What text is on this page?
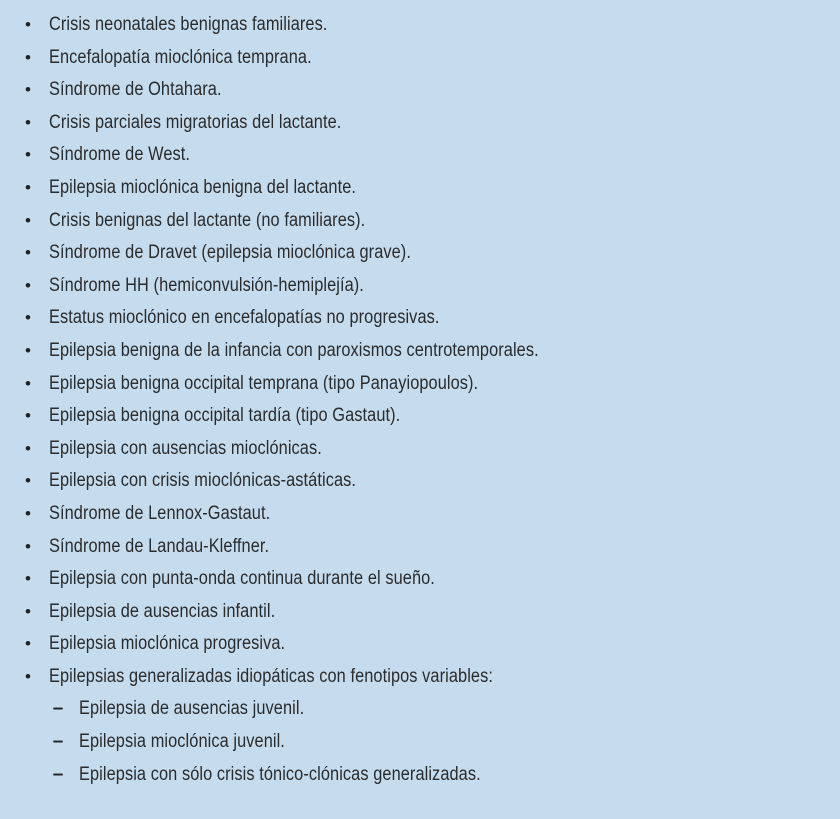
• Crisis neonatales benignas familiares.
• Encefalopatía mioclónica temprana.
• Síndrome de Ohtahara.
• Crisis parciales migratorias del lactante.
• Síndrome de West.
• Epilepsia mioclónica benigna del lactante.
• Crisis benignas del lactante (no familiares).
• Síndrome de Dravet (epilepsia mioclónica grave).
• Síndrome HH (hemiconvulsión-hemiplejía).
• Estatus mioclónico en encefalopatías no progresivas.
• Epilepsia benigna de la infancia con paroxismos centrotemporales.
• Epilepsia benigna occipital temprana (tipo Panayiopoulos).
• Epilepsia benigna occipital tardía (tipo Gastaut).
• Epilepsia con ausencias mioclónicas.
• Epilepsia con crisis mioclónicas-astáticas.
• Síndrome de Lennox-Gastaut.
• Síndrome de Landau-Kleffner.
• Epilepsia con punta-onda continua durante el sueño.
• Epilepsia de ausencias infantil.
• Epilepsia mioclónica progresiva.
• Epilepsias generalizadas idiopáticas con fenotipos variables:
– Epilepsia de ausencias juvenil.
– Epilepsia mioclónica juvenil.
– Epilepsia con sólo crisis tónico-clónicas generalizadas.
